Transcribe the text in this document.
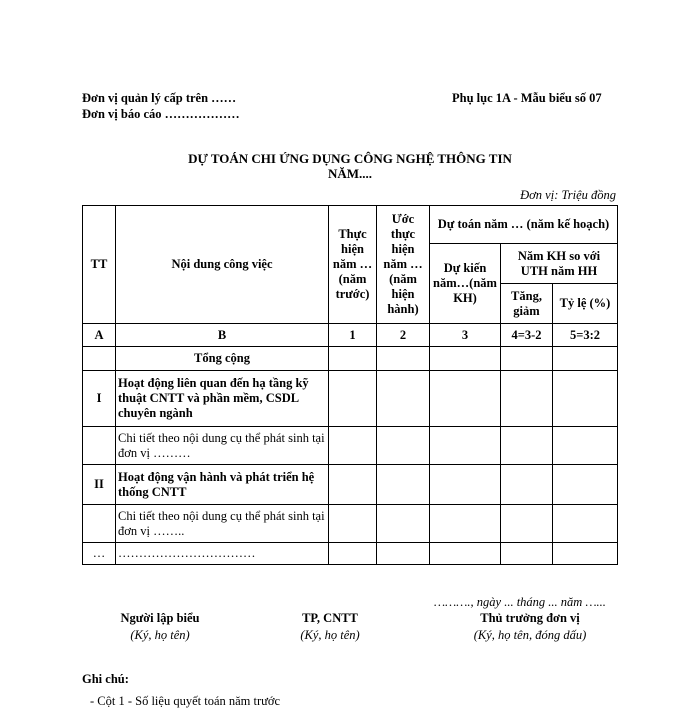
Đơn vị quản lý cấp trên ……
Đơn vị báo cáo ………………
Phụ lục 1A - Mẫu biểu số 07
DỰ TOÁN CHI ỨNG DỤNG CÔNG NGHỆ THÔNG TIN
NĂM....
Đơn vị: Triệu đồng
TT	Nội dung công việc	Thực hiện năm … (năm trước)	Ước thực hiện năm … (năm hiện hành)	Dự toán năm … (năm kế hoạch)		
				Dự kiến năm…(năm KH)	Năm KH so với UTH năm HH	
					Tăng, giảm	Tỷ lệ (%)
A	B	1	2	3	4=3-2	5=3:2
	Tổng cộng					
I	Hoạt động liên quan đến hạ tầng kỹ thuật CNTT và phần mềm, CSDL chuyên ngành					
	Chi tiết theo nội dung cụ thể phát sinh tại đơn vị ………					
II	Hoạt động vận hành và phát triển hệ thống CNTT					
	Chi tiết theo nội dung cụ thể phát sinh tại đơn vị ……..					
…	……………………………					
………., ngày ... tháng ... năm …...
Người lập biểu
(Ký, họ tên)
TP, CNTT
(Ký, họ tên)
Thủ trưởng đơn vị
(Ký, họ tên, đóng dấu)
Ghi chú:
- Cột 1 - Số liệu quyết toán năm trước
